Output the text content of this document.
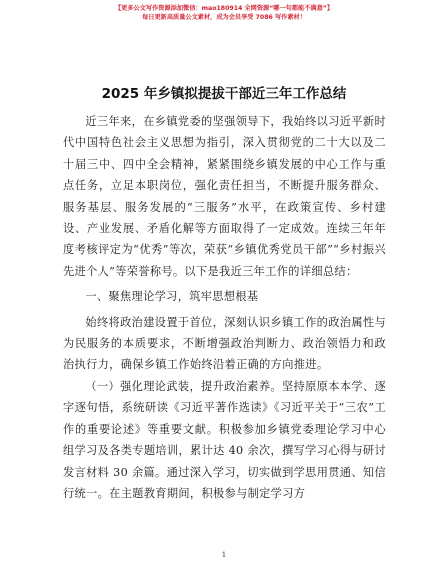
【更多公文写作资源添加微信：mao180914 全网资源“哪一句都能不满意”】
每日更新高质量公文素材，成为会员享受 7086 写作素材！
2025 年乡镇拟提拔干部近三年工作总结

近三年来，在乡镇党委的坚强领导下，我始终以习近平新时代中国特色社会主义思想为指引，深入贯彻党的二十大以及二十届三中、四中全会精神，紧紧围绕乡镇发展的中心工作与重点任务，立足本职岗位，强化责任担当，不断提升服务群众、服务基层、服务发展的“三服务”水平，在政策宣传、乡村建设、产业发展、矛盾化解等方面取得了一定成效。连续三年年度考核评定为“优秀”等次，荣获“乡镇优秀党员干部”“乡村振兴先进个人”等荣誉称号。以下是我近三年工作的详细总结：

一、聚焦理论学习，筑牢思想根基

始终将政治建设置于首位，深刻认识乡镇工作的政治属性与为民服务的本质要求，不断增强政治判断力、政治领悟力和政治执行力，确保乡镇工作始终沿着正确的方向推进。

（一）强化理论武装，提升政治素养。坚持原原本本学、逐字逐句悟，系统研读《习近平著作选读》《习近平关于“三农”工作的重要论述》等重要文献。积极参加乡镇党委理论学习中心组学习及各类专题培训，累计达 40 余次，撰写学习心得与研讨发言材料 30 余篇。通过深入学习，切实做到学思用贯通、知信行统一。在主题教育期间，积极参与制定学习方

1
